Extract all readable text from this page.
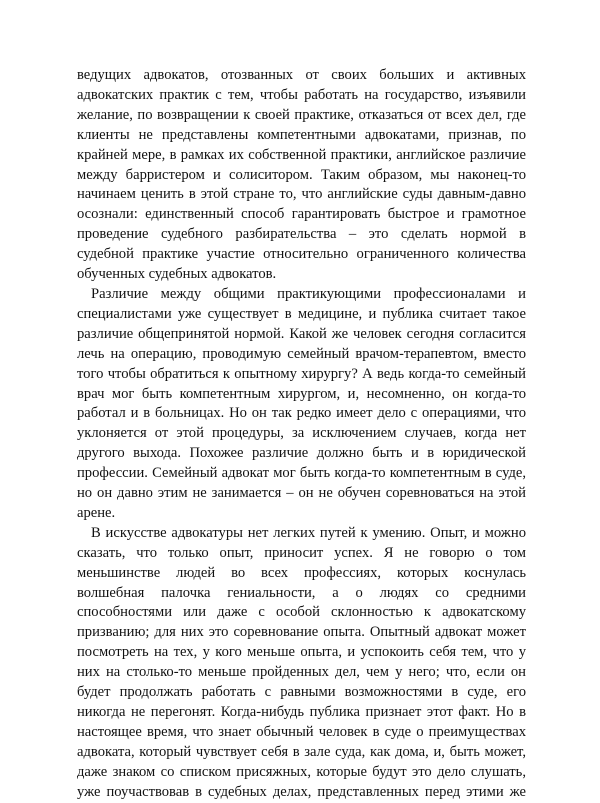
ведущих адвокатов, отозванных от своих больших и активных
адвокатских практик с тем, чтобы работать на государство, изъявили
желание, по возвращении к своей практике, отказаться от всех дел, где
клиенты не представлены компетентными адвокатами, признав, по
крайней мере, в рамках их собственной практики, английское различие
между барристером и солиситором. Таким образом, мы наконец-то
начинаем ценить в этой стране то, что английские суды давным-давно
осознали: единственный способ гарантировать быстрое и грамотное
проведение судебного разбирательства – это сделать нормой в
судебной практике участие относительно ограниченного количества
обученных судебных адвокатов.
Различие между общими практикующими профессионалами и
специалистами уже существует в медицине, и публика считает такое
различие общепринятой нормой. Какой же человек сегодня согласится
лечь на операцию, проводимую семейный врачом-терапевтом, вместо
того чтобы обратиться к опытному хирургу? А ведь когда-то семейный
врач мог быть компетентным хирургом, и, несомненно, он когда-то
работал и в больницах. Но он так редко имеет дело с операциями, что
уклоняется от этой процедуры, за исключением случаев, когда нет
другого выхода. Похожее различие должно быть и в юридической
профессии. Семейный адвокат мог быть когда-то компетентным в суде,
но он давно этим не занимается – он не обучен соревноваться на этой
арене.
В искусстве адвокатуры нет легких путей к умению. Опыт, и можно
сказать, что только опыт, приносит успех. Я не говорю о том
меньшинстве людей во всех профессиях, которых коснулась
волшебная палочка гениальности, а о людях со средними
способностями или даже с особой склонностью к адвокатскому
призванию; для них это соревнование опыта. Опытный адвокат может
посмотреть на тех, у кого меньше опыта, и успокоить себя тем, что у
них на столько-то меньше пройденных дел, чем у него; что, если он
будет продолжать работать с равными возможностями в суде, его
никогда не перегонят. Когда-нибудь публика признает этот факт. Но в
настоящее время, что знает обычный человек в суде о преимуществах
адвоката, который чувствует себя в зале суда, как дома, и, быть может,
даже знаком со списком присяжных, которые будут это дело слушать,
уже поучаствовав в судебных делах, представленных перед этими же
